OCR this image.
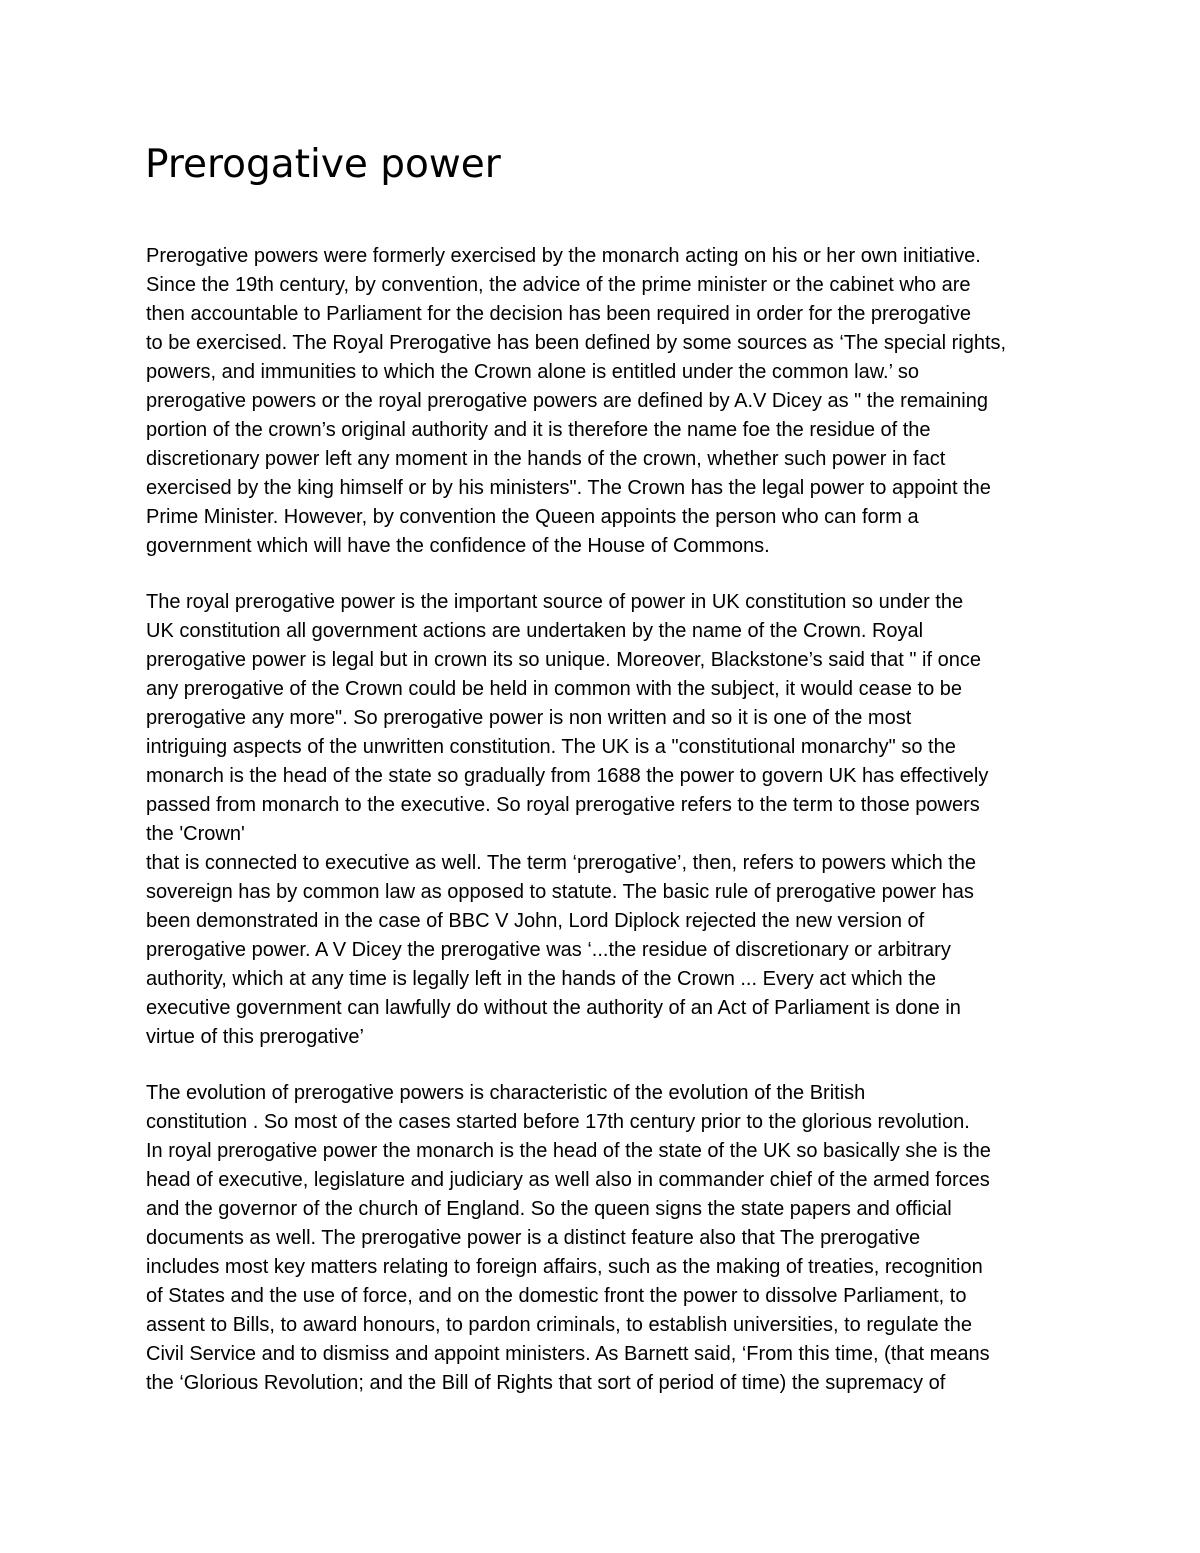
Prerogative power

Prerogative powers were formerly exercised by the monarch acting on his or her own initiative.

Since the 19th century, by convention, the advice of the prime minister or the cabinet who are

then accountable to Parliament for the decision has been required in order for the prerogative

to be exercised. The Royal Prerogative has been defined by some sources as ‘The special rights,

powers, and immunities to which the Crown alone is entitled under the common law.’ so

prerogative powers or the royal prerogative powers are defined by A.V Dicey as " the remaining

portion of the crown’s original authority and it is therefore the name foe the residue of the

discretionary power left any moment in the hands of the crown, whether such power in fact

exercised by the king himself or by his ministers". The Crown has the legal power to appoint the

Prime Minister. However, by convention the Queen appoints the person who can form a

government which will have the confidence of the House of Commons.

The royal prerogative power is the important source of power in UK constitution so under the

UK constitution all government actions are undertaken by the name of the Crown. Royal

prerogative power is legal but in crown its so unique. Moreover, Blackstone’s said that " if once

any prerogative of the Crown could be held in common with the subject, it would cease to be

prerogative any more". So prerogative power is non written and so it is one of the most

intriguing aspects of the unwritten constitution. The UK is a "constitutional monarchy" so the

monarch is the head of the state so gradually from 1688 the power to govern UK has effectively

passed from monarch to the executive. So royal prerogative refers to the term to those powers

the 'Crown'

that is connected to executive as well. The term ‘prerogative’, then, refers to powers which the

sovereign has by common law as opposed to statute. The basic rule of prerogative power has

been demonstrated in the case of BBC V John, Lord Diplock rejected the new version of

prerogative power. A V Dicey the prerogative was ‘...the residue of discretionary or arbitrary

authority, which at any time is legally left in the hands of the Crown ... Every act which the

executive government can lawfully do without the authority of an Act of Parliament is done in

virtue of this prerogative’

The evolution of prerogative powers is characteristic of the evolution of the British

constitution . So most of the cases started before 17th century prior to the glorious revolution.

In royal prerogative power the monarch is the head of the state of the UK so basically she is the

head of executive, legislature and judiciary as well also in commander chief of the armed forces

and the governor of the church of England. So the queen signs the state papers and official

documents as well. The prerogative power is a distinct feature also that The prerogative

includes most key matters relating to foreign affairs, such as the making of treaties, recognition

of States and the use of force, and on the domestic front the power to dissolve Parliament, to

assent to Bills, to award honours, to pardon criminals, to establish universities, to regulate the

Civil Service and to dismiss and appoint ministers. As Barnett said, ‘From this time, (that means

the ‘Glorious Revolution; and the Bill of Rights that sort of period of time) the supremacy of
